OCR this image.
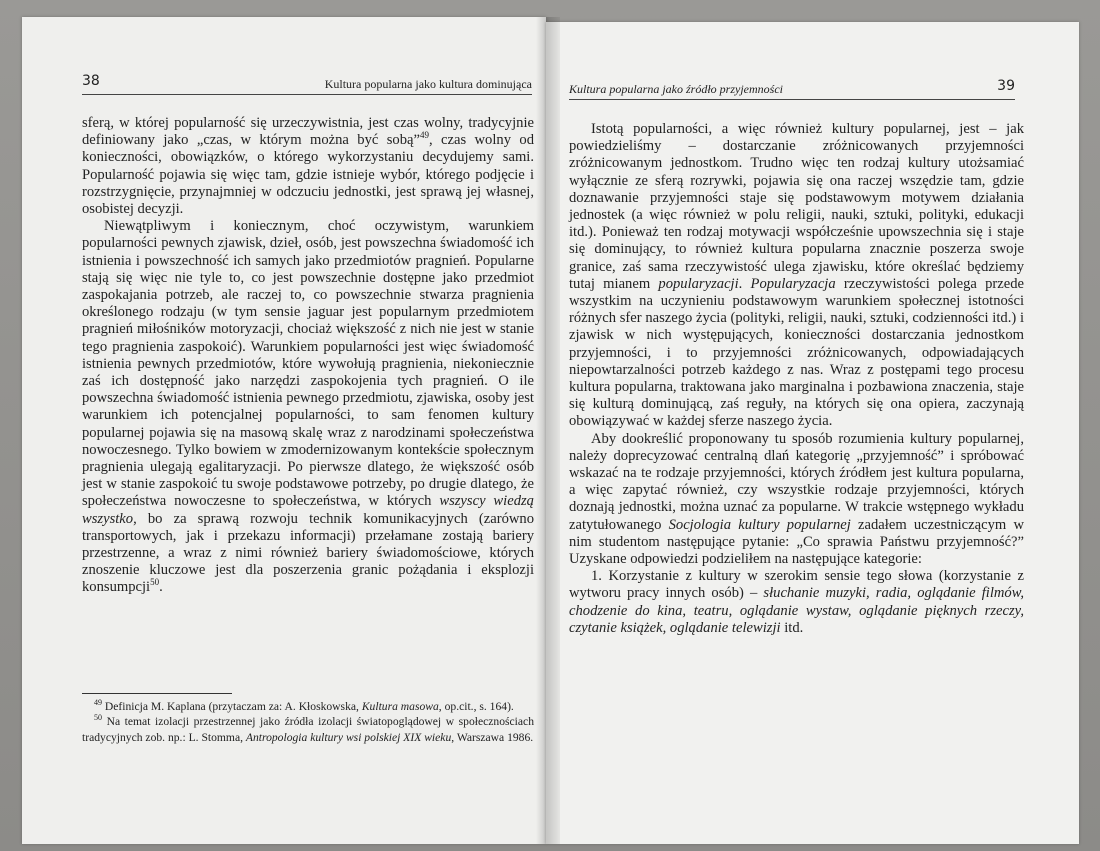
38	Kultura popularna jako kultura dominująca

sferą, w której popularność się urzeczywistnia, jest czas wolny, tradycyjnie definiowany jako „czas, w którym można być sobą”$^{49}$, czas wolny od konieczności, obowiązków, o którego wykorzystaniu decydujemy sami. Popularność pojawia się więc tam, gdzie istnieje wybór, którego podjęcie i rozstrzygnięcie, przynajmniej w odczuciu jednostki, jest sprawą jej własnej, osobistej decyzji.

Niewątpliwym i koniecznym, choć oczywistym, warunkiem popularności pewnych zjawisk, dzieł, osób, jest powszechna świadomość ich istnienia i powszechność ich samych jako przedmiotów pragnień. Popularne stają się więc nie tyle to, co jest powszechnie dostępne jako przedmiot zaspokajania potrzeb, ale raczej to, co powszechnie stwarza pragnienia określonego rodzaju (w tym sensie jaguar jest popularnym przedmiotem pragnień miłośników motoryzacji, chociaż większość z nich nie jest w stanie tego pragnienia zaspokoić). Warunkiem popularności jest więc świadomość istnienia pewnych przedmiotów, które wywołują pragnienia, niekoniecznie zaś ich dostępność jako narzędzi zaspokojenia tych pragnień. O ile powszechna świadomość istnienia pewnego przedmiotu, zjawiska, osoby jest warunkiem ich potencjalnej popularności, to sam fenomen kultury popularnej pojawia się na masową skalę wraz z narodzinami społeczeństwa nowoczesnego. Tylko bowiem w zmodernizowanym kontekście społecznym pragnienia ulegają egalitaryzacji. Po pierwsze dlatego, że większość osób jest w stanie zaspokoić tu swoje podstawowe potrzeby, po drugie dlatego, że społeczeństwa nowoczesne to społeczeństwa, w których wszyscy wiedzą wszystko, bo za sprawą rozwoju technik komunikacyjnych (zarówno transportowych, jak i przekazu informacji) przełamane zostają bariery przestrzenne, a wraz z nimi również bariery świadomościowe, których znoszenie kluczowe jest dla poszerzenia granic pożądania i eksplozji konsumpcji$^{50}$.

$^{49}$ Definicja M. Kaplana (przytaczam za: A. Kłoskowska, Kultura masowa, op.cit., s. 164).

$^{50}$ Na temat izolacji przestrzennej jako źródła izolacji światopoglądowej w społecznościach tradycyjnych zob. np.: L. Stomma, Antropologia kultury wsi polskiej XIX wieku, Warszawa 1986.

Kultura popularna jako źródło przyjemności	39

Istotą popularności, a więc również kultury popularnej, jest – jak powiedzieliśmy – dostarczanie zróżnicowanych przyjemności zróżnicowanym jednostkom. Trudno więc ten rodzaj kultury utożsamiać wyłącznie ze sferą rozrywki, pojawia się ona raczej wszędzie tam, gdzie doznawanie przyjemności staje się podstawowym motywem działania jednostek (a więc również w polu religii, nauki, sztuki, polityki, edukacji itd.). Ponieważ ten rodzaj motywacji współcześnie upowszechnia się i staje się dominujący, to również kultura popularna znacznie poszerza swoje granice, zaś sama rzeczywistość ulega zjawisku, które określać będziemy tutaj mianem popularyzacji. Popularyzacja rzeczywistości polega przede wszystkim na uczynieniu podstawowym warunkiem społecznej istotności różnych sfer naszego życia (polityki, religii, nauki, sztuki, codzienności itd.) i zjawisk w nich występujących, konieczności dostarczania jednostkom przyjemności, i to przyjemności zróżnicowanych, odpowiadających niepowtarzalności potrzeb każdego z nas. Wraz z postępami tego procesu kultura popularna, traktowana jako marginalna i pozbawiona znaczenia, staje się kulturą dominującą, zaś reguły, na których się ona opiera, zaczynają obowiązywać w każdej sferze naszego życia.

Aby dookreślić proponowany tu sposób rozumienia kultury popularnej, należy doprecyzować centralną dlań kategorię „przyjemność” i spróbować wskazać na te rodzaje przyjemności, których źródłem jest kultura popularna, a więc zapytać również, czy wszystkie rodzaje przyjemności, których doznają jednostki, można uznać za popularne. W trakcie wstępnego wykładu zatytułowanego Socjologia kultury popularnej zadałem uczestniczącym w nim studentom następujące pytanie: „Co sprawia Państwu przyjemność?” Uzyskane odpowiedzi podzieliłem na następujące kategorie:

1. Korzystanie z kultury w szerokim sensie tego słowa (korzystanie z wytworu pracy innych osób) – słuchanie muzyki, radia, oglądanie filmów, chodzenie do kina, teatru, oglądanie wystaw, oglądanie pięknych rzeczy, czytanie książek, oglądanie telewizji itd.
